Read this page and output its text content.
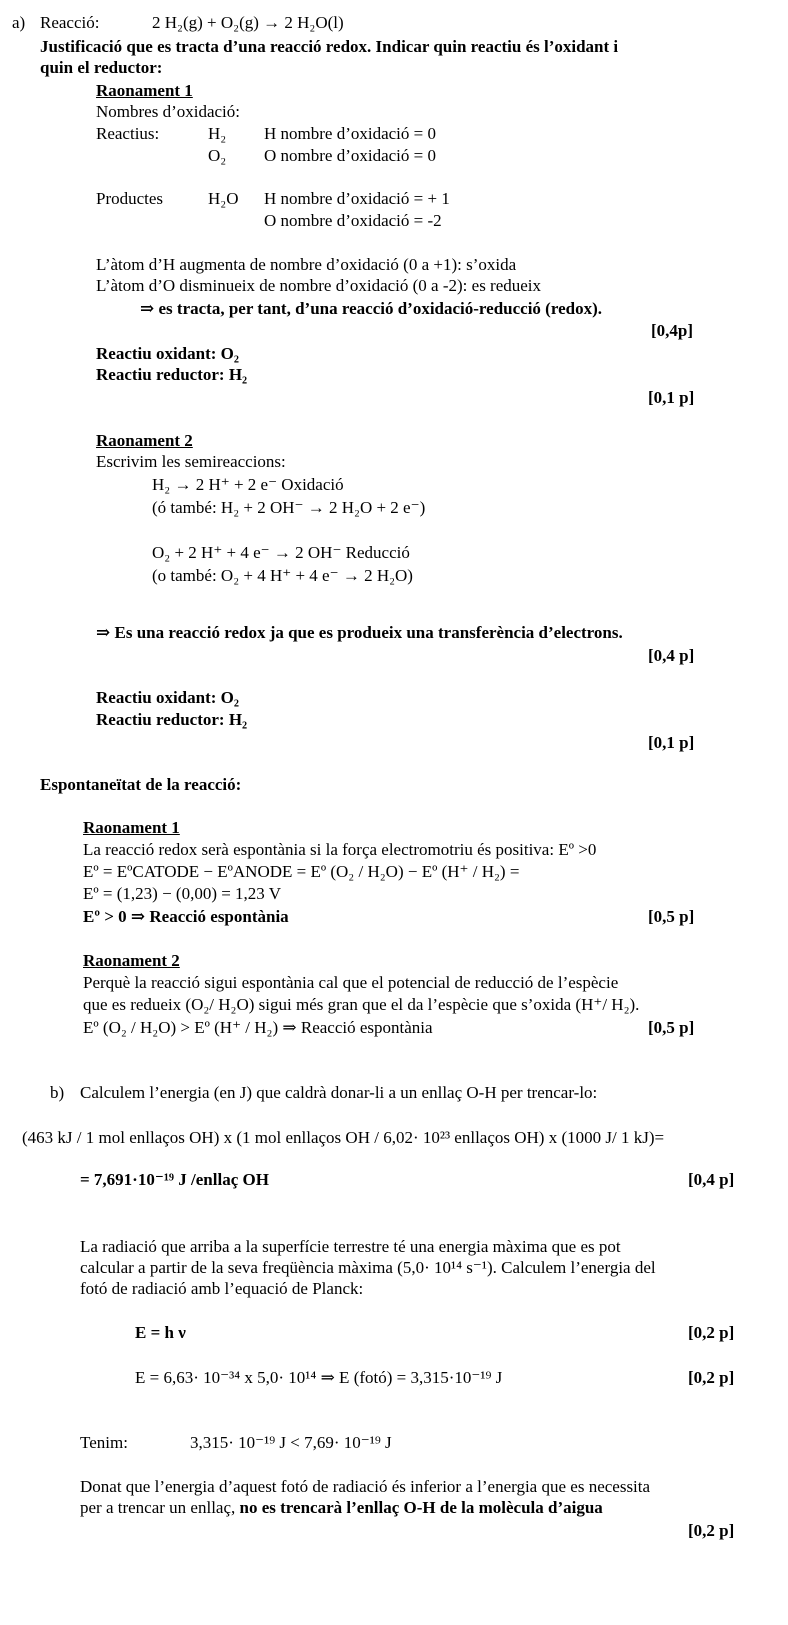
a) Reacció:	2 H₂(g) + O₂(g) → 2 H₂O(l)
Justificació que es tracta d’una reacció redox. Indicar quin reactiu és l’oxidant i
quin el reductor:
Raonament 1
Nombres d’oxidació:
Reactius:	H₂ H nombre d’oxidació = 0
O₂ O nombre d’oxidació = 0
Productes	H₂O H nombre d’oxidació = + 1
O nombre d’oxidació = -2
L’àtom d’H augmenta de nombre d’oxidació (0 a +1): s’oxida
L’àtom d’O disminueix de nombre d’oxidació (0 a -2): es redueix
⇒ es tracta, per tant, d’una reacció d’oxidació-reducció (redox).
[0,4p]
Reactiu oxidant: O₂
Reactiu reductor: H₂
[0,1 p]
Raonament 2
Escrivim les semireaccions:
H₂ → 2 H⁺ + 2 e⁻ Oxidació
(ó també: H₂ + 2 OH⁻ → 2 H₂O + 2 e⁻)
O₂ + 2 H⁺ + 4 e⁻ → 2 OH⁻ Reducció
(o també: O₂ + 4 H⁺ + 4 e⁻ → 2 H₂O)
⇒ Es una reacció redox ja que es produeix una transferència d’electrons.
[0,4 p]
Reactiu oxidant: O₂
Reactiu reductor: H₂
[0,1 p]
Espontaneïtat de la reacció:
Raonament 1
La reacció redox serà espontània si la força electromotriu és positiva: Eº >0
Eº = EºCATODE − EºANODE = Eº (O₂ / H₂O) − Eº (H⁺ / H₂) =
Eº = (1,23) − (0,00) = 1,23 V
Eº > 0 ⇒ Reacció espontània	[0,5 p]
Raonament 2
Perquè la reacció sigui espontània cal que el potencial de reducció de l’espècie
que es redueix (O₂/ H₂O) sigui més gran que el da l’espècie que s’oxida (H⁺/ H₂).
Eº (O₂ / H₂O) > Eº (H⁺ / H₂) ⇒ Reacció espontània	[0,5 p]
b) Calculem l’energia (en J) que caldrà donar-li a un enllaç O-H per trencar-lo:
(463 kJ / 1 mol enllaços OH) x (1 mol enllaços OH / 6,02· 10²³ enllaços OH) x (1000 J/ 1 kJ)=
= 7,691·10⁻¹⁹ J /enllaç OH	[0,4 p]
La radiació que arriba a la superfície terrestre té una energia màxima que es pot
calcular a partir de la seva freqüència màxima (5,0· 10¹⁴ s⁻¹). Calculem l’energia del
fotó de radiació amb l’equació de Planck:
E = h ν	[0,2 p]
E = 6,63· 10⁻³⁴ x 5,0· 10¹⁴ ⇒ E (fotó) = 3,315·10⁻¹⁹ J	[0,2 p]
Tenim:	3,315· 10⁻¹⁹ J < 7,69· 10⁻¹⁹ J
Donat que l’energia d’aquest fotó de radiació és inferior a l’energia que es necessita
per a trencar un enllaç, no es trencarà l’enllaç O-H de la molècula d’aigua
[0,2 p]
